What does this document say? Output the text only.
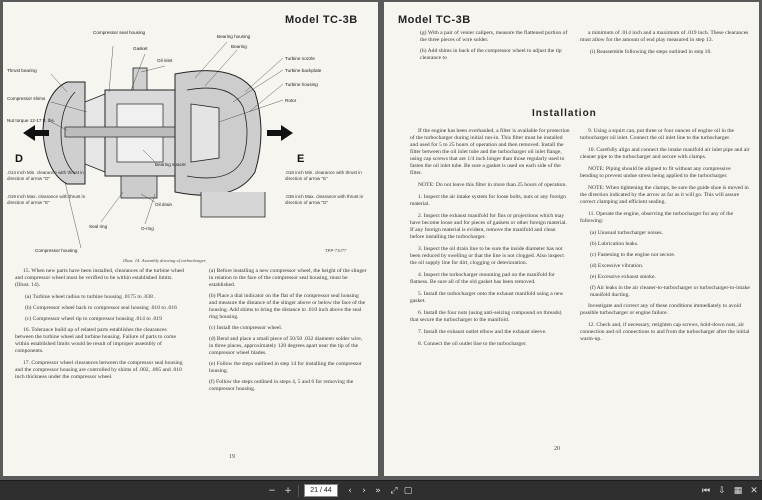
Model TC-3B
Compressor seal housing
Gasket
Oil inlet
Bearing housing
Bearing
Turbine nozzle
Turbine backplate
Turbine housing
Rotor
Thrust bearing
Compressor shims
Nut torque 12-17 ft. lbs.
Bearing spacer
Oil drain
Seal ring	O-ring
Compressor housing
D	E
.014 inch Min. clearance with thrust in direction of arrow "D"
.019 inch Max. clearance with thrust in direction of arrow "E"
.018 inch Min. clearance with thrust in direction of arrow "E"
.038 inch Max. clearance with thrust in direction of arrow "D"
TPP-71077
Illust. 14. Assembly drawing of turbocharger.

15. When new parts have been installed, clearances of the turbine wheel and compressor wheel must be verified to be within established limits. (Illust. 14).

(a) Turbine wheel radius to turbine housing .0175 to .038 .

(b) Compressor wheel back to compressor seal housing .010 to .016

(c) Compressor wheel tip to compressor housing .014 to .019

16. Tolerance build up of related parts establishes the clearances between the turbine wheel and turbine housing. Failure of parts to come within established limits would be result of improper assembly of components.

17. Compressor wheel clearances between the compressor seal housing and the compressor housing are controlled by shims of .002, .005 and .010 inch thickness under the compressor wheel.

(a) Before installing a new compressor wheel, the height of the slinger in relation to the face of the compressor seal housing, must be established.

(b) Place a dial indicator on the flat of the compressor seal housing and measure the distance of the slinger above or below the face of the housing. Add shims to bring the distance to .010 inch above the seal ring housing.

(c) Install the compressor wheel.

(d) Bend and place a small piece of 50/50 .032 diameter solder wire, in three places, approximately 120 degrees apart near the tip of the compressor wheel blades.

(e) Follow the steps outlined in step 14 for installing the compressor housing.

(f) Follow the steps outlined in steps 4, 5 and 6 for removing the compressor housing.

19
Model TC-3B

(g) With a pair of venier calipers, measure the flattened portion of the three pieces of wire solder.

(h) Add shims in back of the compressor wheel to adjust the tip clearance to

a minimum of .014 inch and a maximum of .019 inch. These clearances must allow for the amount of end play measured in step 13.

(i) Reassemble following the steps outlined in step 10.

Installation

If the engine has been overhauled, a filter is available for protection of the turbocharger during initial run-in. This filter must be installed and used for 5 to 25 hours of operation and then removed. Install the filter between the oil inlet tube and the turbocharger oil inlet flange, using cap screws that are 1/4 inch longer than those regularly used to fasten the oil inlet tube. Be sure a gasket is used on each side of the filter.

NOTE: Do not leave this filter in more than 25 hours of operation.

1. Inspect the air intake system for loose bolts, nuts or any foreign material.

2. Inspect the exhaust manifold for fins or projections which may have become loose and for pieces of gaskets or other foreign material. If any foreign material is evident, remove the manifold and clean before installing the turbocharger.

3. Inspect the oil drain line to be sure the inside diameter has not been reduced by swelling or that the line is not clogged. Also inspect the oil supply line for dirt, clogging or deterioration.

4. Inspect the turbocharger mounting pad on the manifold for flatness. Be sure all of the old gasket has been removed.

5. Install the turbocharger onto the exhaust manifold using a new gasket.

6. Install the four nuts (using anti-seizing compound on threads) that secure the turbocharger to the manifold.

7. Install the exhaust outlet elbow and the exhaust sleeve.

8. Connect the oil outlet line to the turbocharger.

9. Using a squirt can, put three or four ounces of engine oil in the turbocharger oil inlet. Connect the oil inlet line to the turbocharger.

10. Carefully align and connect the intake manifold air inlet pipe and air cleaner pipe to the turbocharger and secure with clamps.

NOTE: Piping should be aligned to fit without any compressive bending to prevent undue stress being applied to the turbocharger.

NOTE: When tightening the clamps, be sure the guide shoe is moved in the direction indicated by the arrow as far as it will go. This will assure correct clamping and efficient sealing.

11. Operate the engine, observing the turbocharger for any of the following:

(a) Unusual turbocharger noises.

(b) Lubrication leaks.

(c) Fastening to the engine not secure.

(d) Excessive vibration.

(e) Excessive exhaust smoke.

(f) Air leaks in the air cleaner-to-turbocharger or turbocharger-to-intake manifold ducting.

Investigate and correct any of these conditions immediately to avoid possible turbocharger or engine failure.

12. Check and, if necessary, retighten cap screws, hold-down nuts, air connection and oil connections to and from the turbocharger after the initial warm-up.

20
− +	21 / 44	‹	›	»	⤢ ▢	⏮ ⇩ ▦ ✕
